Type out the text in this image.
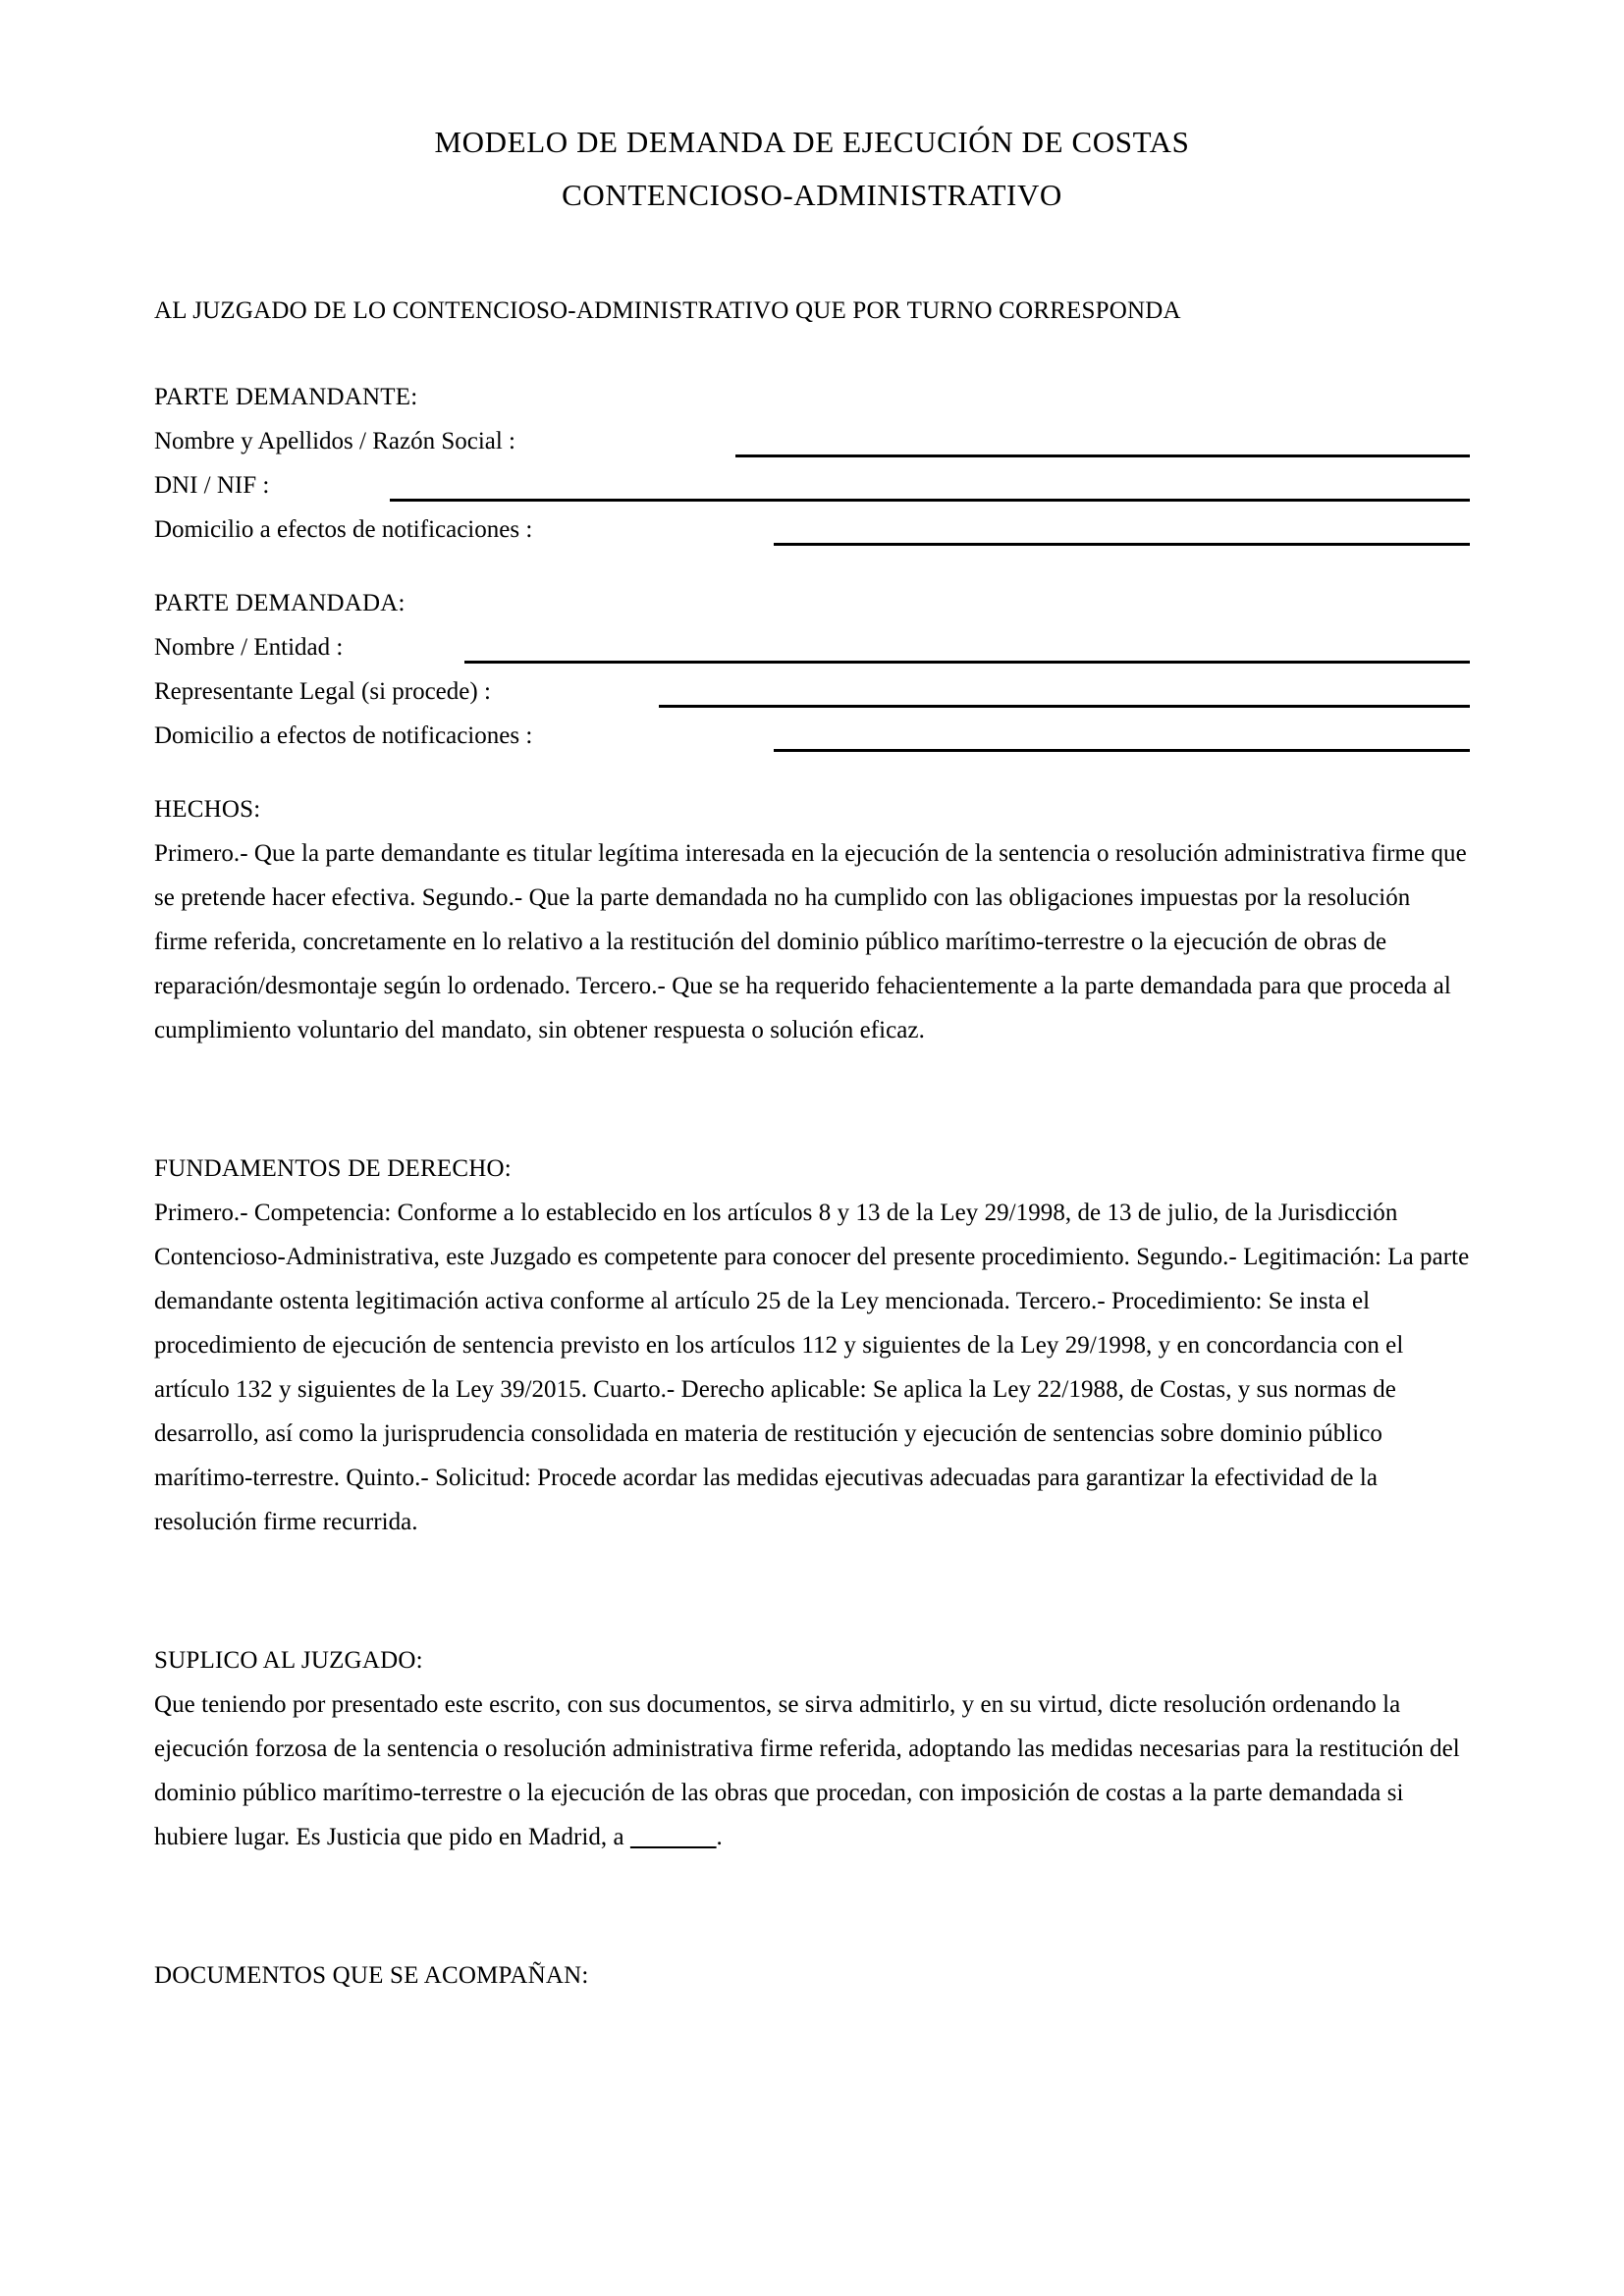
MODELO DE DEMANDA DE EJECUCIÓN DE COSTAS
CONTENCIOSO-ADMINISTRATIVO
AL JUZGADO DE LO CONTENCIOSO-ADMINISTRATIVO QUE POR TURNO CORRESPONDA
PARTE DEMANDANTE:
Nombre y Apellidos / Razón Social :
DNI / NIF :
Domicilio a efectos de notificaciones :
PARTE DEMANDADA:
Nombre / Entidad :
Representante Legal (si procede) :
Domicilio a efectos de notificaciones :
HECHOS:
Primero.- Que la parte demandante es titular legítima interesada en la ejecución de la sentencia o resolución administrativa firme que se pretende hacer efectiva. Segundo.- Que la parte demandada no ha cumplido con las obligaciones impuestas por la resolución firme referida, concretamente en lo relativo a la restitución del dominio público marítimo-terrestre o la ejecución de obras de reparación/desmontaje según lo ordenado. Tercero.- Que se ha requerido fehacientemente a la parte demandada para que proceda al cumplimiento voluntario del mandato, sin obtener respuesta o solución eficaz.
FUNDAMENTOS DE DERECHO:
Primero.- Competencia: Conforme a lo establecido en los artículos 8 y 13 de la Ley 29/1998, de 13 de julio, de la Jurisdicción Contencioso-Administrativa, este Juzgado es competente para conocer del presente procedimiento. Segundo.- Legitimación: La parte demandante ostenta legitimación activa conforme al artículo 25 de la Ley mencionada. Tercero.- Procedimiento: Se insta el procedimiento de ejecución de sentencia previsto en los artículos 112 y siguientes de la Ley 29/1998, y en concordancia con el artículo 132 y siguientes de la Ley 39/2015. Cuarto.- Derecho aplicable: Se aplica la Ley 22/1988, de Costas, y sus normas de desarrollo, así como la jurisprudencia consolidada en materia de restitución y ejecución de sentencias sobre dominio público marítimo-terrestre. Quinto.- Solicitud: Procede acordar las medidas ejecutivas adecuadas para garantizar la efectividad de la resolución firme recurrida.
SUPLICO AL JUZGADO:
Que teniendo por presentado este escrito, con sus documentos, se sirva admitirlo, y en su virtud, dicte resolución ordenando la ejecución forzosa de la sentencia o resolución administrativa firme referida, adoptando las medidas necesarias para la restitución del dominio público marítimo-terrestre o la ejecución de las obras que procedan, con imposición de costas a la parte demandada si hubiere lugar. Es Justicia que pido en Madrid, a _______.
DOCUMENTOS QUE SE ACOMPAÑAN:
